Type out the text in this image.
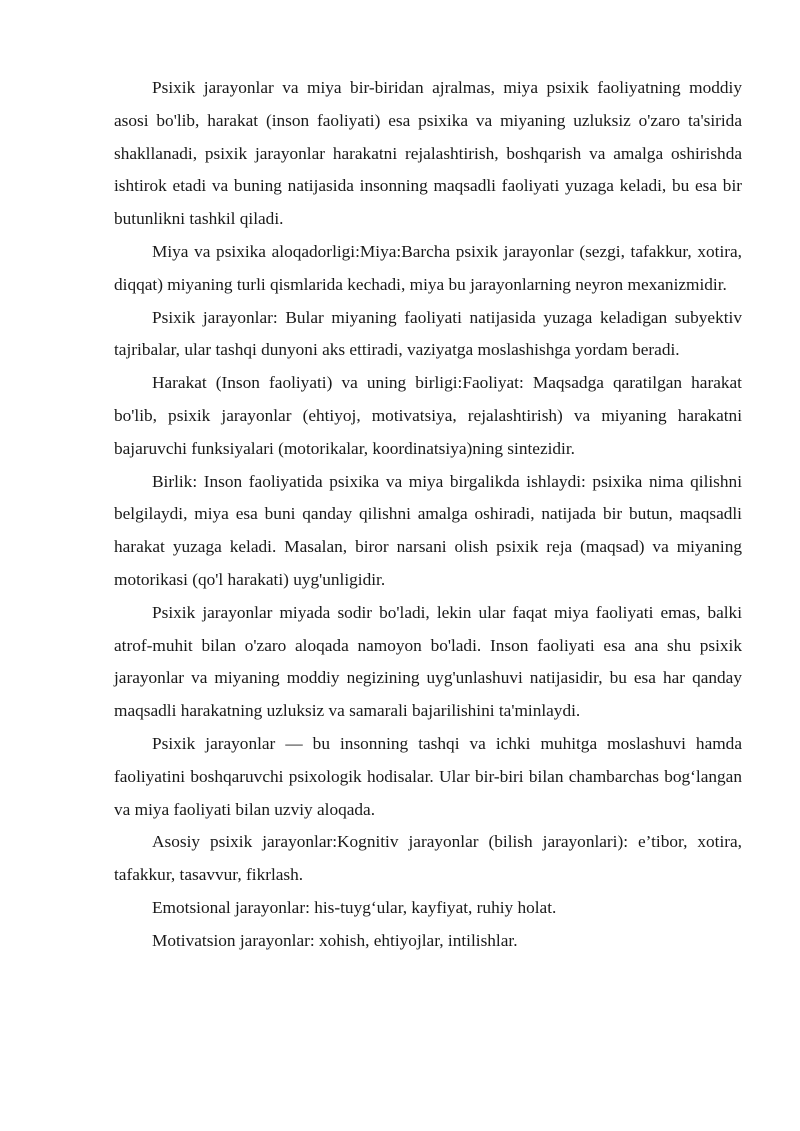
Psixik jarayonlar va miya bir-biridan ajralmas, miya psixik faoliyatning moddiy asosi bo'lib, harakat (inson faoliyati) esa psixika va miyaning uzluksiz o'zaro ta'sirida shakllanadi, psixik jarayonlar harakatni rejalashtirish, boshqarish va amalga oshirishda ishtirok etadi va buning natijasida insonning maqsadli faoliyati yuzaga keladi, bu esa bir butunlikni tashkil qiladi.

Miya va psixika aloqadorligi:Miya:Barcha psixik jarayonlar (sezgi, tafakkur, xotira, diqqat) miyaning turli qismlarida kechadi, miya bu jarayonlarning neyron mexanizmidir.

Psixik jarayonlar: Bular miyaning faoliyati natijasida yuzaga keladigan subyektiv tajribalar, ular tashqi dunyoni aks ettiradi, vaziyatga moslashishga yordam beradi.

Harakat (Inson faoliyati) va uning birligi:Faoliyat: Maqsadga qaratilgan harakat bo'lib, psixik jarayonlar (ehtiyoj, motivatsiya, rejalashtirish) va miyaning harakatni bajaruvchi funksiyalari (motorikalar, koordinatsiya)ning sintezidir.

Birlik: Inson faoliyatida psixika va miya birgalikda ishlaydi: psixika nima qilishni belgilaydi, miya esa buni qanday qilishni amalga oshiradi, natijada bir butun, maqsadli harakat yuzaga keladi. Masalan, biror narsani olish psixik reja (maqsad) va miyaning motorikasi (qo'l harakati) uyg'unligidir.

Psixik jarayonlar miyada sodir bo'ladi, lekin ular faqat miya faoliyati emas, balki atrof-muhit bilan o'zaro aloqada namoyon bo'ladi. Inson faoliyati esa ana shu psixik jarayonlar va miyaning moddiy negizining uyg'unlashuvi natijasidir, bu esa har qanday maqsadli harakatning uzluksiz va samarali bajarilishini ta'minlaydi.

Psixik jarayonlar — bu insonning tashqi va ichki muhitga moslashuvi hamda faoliyatini boshqaruvchi psixologik hodisalar. Ular bir-biri bilan chambarchas bog‘langan va miya faoliyati bilan uzviy aloqada.

Asosiy psixik jarayonlar:Kognitiv jarayonlar (bilish jarayonlari): e’tibor, xotira, tafakkur, tasavvur, fikrlash.

Emotsional jarayonlar: his-tuyg‘ular, kayfiyat, ruhiy holat.

Motivatsion jarayonlar: xohish, ehtiyojlar, intilishlar.
